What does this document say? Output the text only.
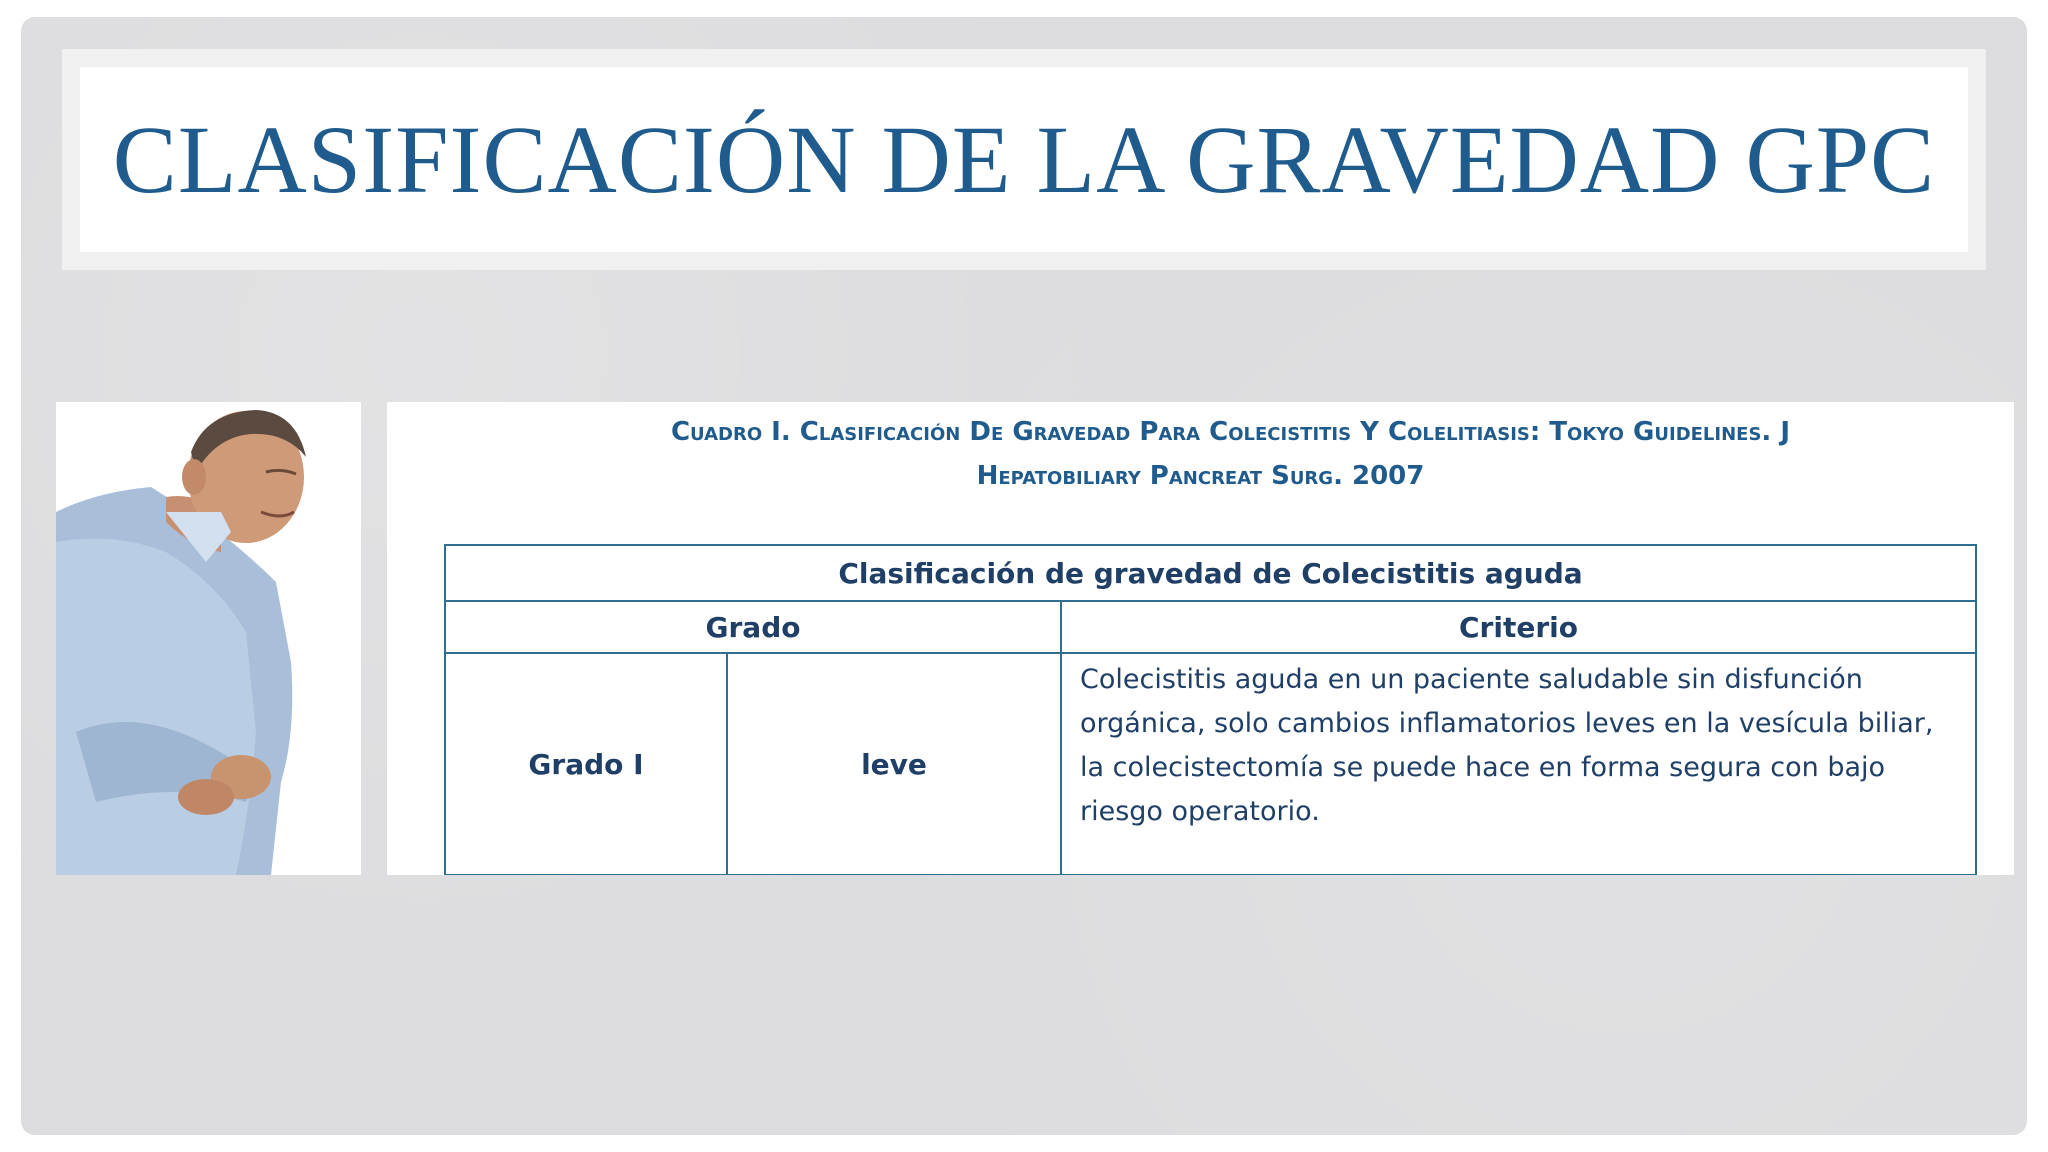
CLASIFICACIÓN DE LA GRAVEDAD GPC
Cuadro I. Clasificación De Gravedad Para Colecistitis Y Colelitiasis: Tokyo Guidelines. J
Hepatobiliary Pancreat Surg. 2007
Clasificación de gravedad de Colecistitis aguda		
Grado		Criterio
Grado I	leve	Colecistitis aguda en un paciente saludable sin disfunción orgánica, solo cambios inflamatorios leves en la vesícula biliar, la colecistectomía se puede hace en forma segura con bajo riesgo operatorio.
